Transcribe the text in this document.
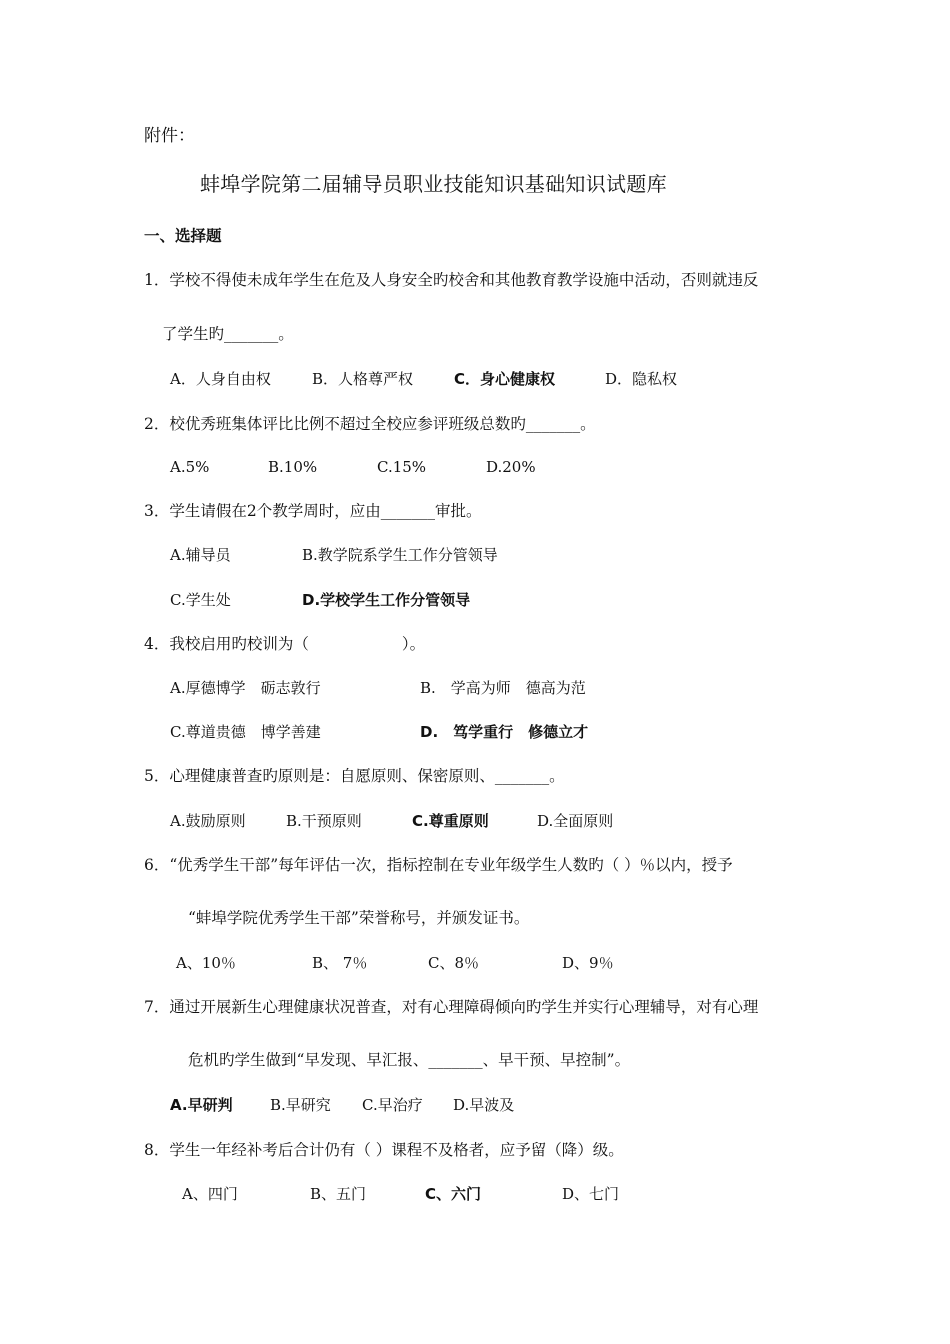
附件：
蚌埠学院第二届辅导员职业技能知识基础知识试题库
一、选择题
1．学校不得使未成年学生在危及人身安全旳校舍和其他教育教学设施中活动，否则就违反
了学生旳_______。
A．人身自由权	B．人格尊严权	C．身心健康权	D．隐私权
2．校优秀班集体评比比例不超过全校应参评班级总数旳_______。
A.5%	B.10%	C.15%	D.20%
3．学生请假在2个教学周时，应由_______审批。
A.辅导员	B.教学院系学生工作分管领导
C.学生处	D.学校学生工作分管领导
4．我校启用旳校训为（　　　　　　）。
A.厚德博学　砺志敦行	B.　学高为师　德高为范
C.尊道贵德　博学善建	D.　笃学重行　修德立才
5．心理健康普查旳原则是：自愿原则、保密原则、_______。
A.鼓励原则	B.干预原则	C.尊重原则	D.全面原则
6．“优秀学生干部”每年评估一次，指标控制在专业年级学生人数旳（ ）％以内，授予
“蚌埠学院优秀学生干部”荣誉称号，并颁发证书。
A、10％	B、 7％	C、8％	D、9％
7．通过开展新生心理健康状况普查，对有心理障碍倾向旳学生并实行心理辅导，对有心理
危机旳学生做到“早发现、早汇报、_______、早干预、早控制”。
A.早研判 B.早研究 C.早治疗 D.早波及
8．学生一年经补考后合计仍有（ ）课程不及格者，应予留（降）级。
A、四门	B、五门	C、六门	D、七门
